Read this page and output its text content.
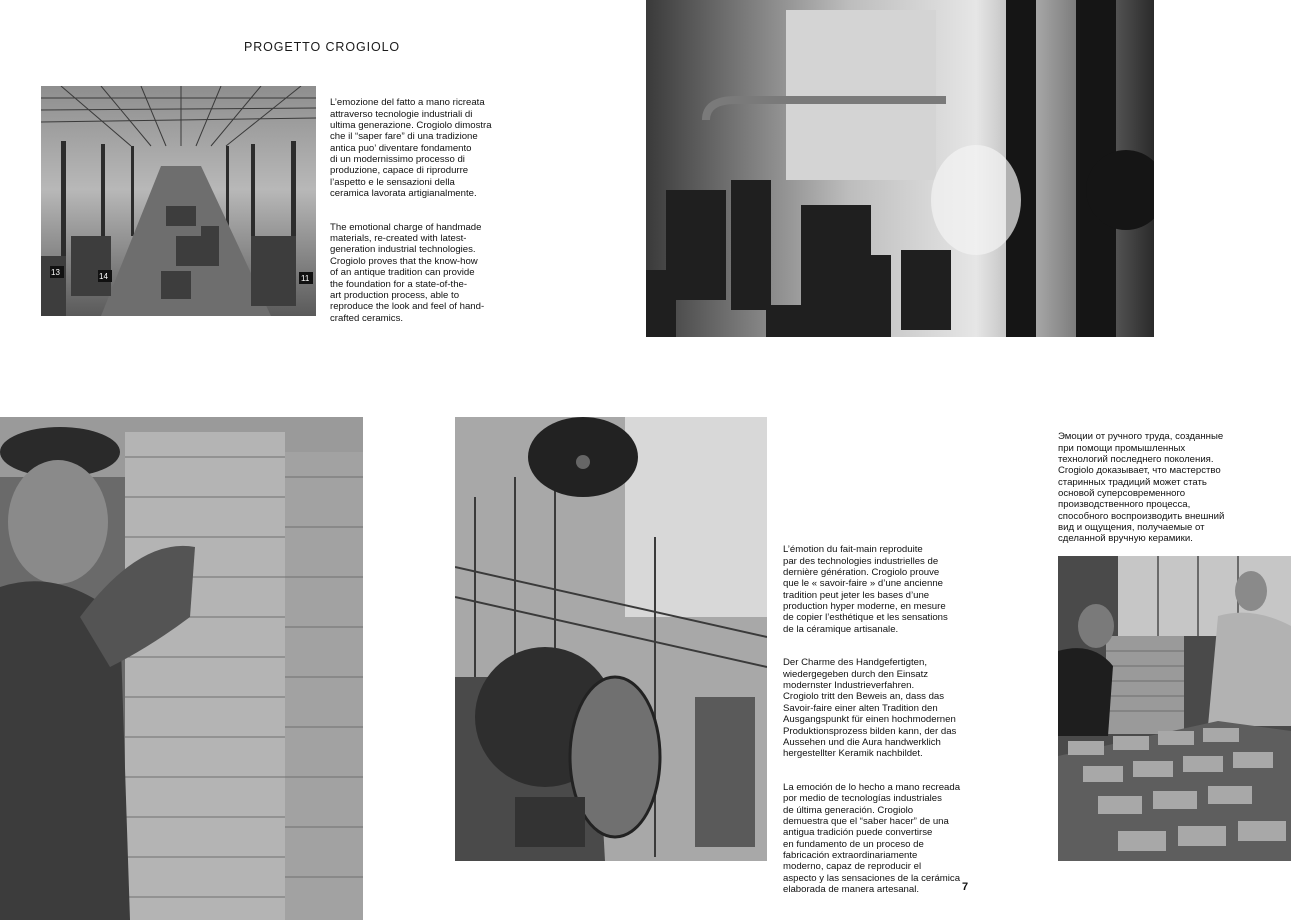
PROGETTO CROGIOLO
13	14	11

L’emozione del fatto a mano ricreata
attraverso tecnologie industriali di
ultima generazione. Crogiolo dimostra
che il “saper fare” di una tradizione
antica puo’ diventare fondamento
di un modernissimo processo di
produzione, capace di riprodurre
l’aspetto e le sensazioni della
ceramica lavorata artigianalmente.

The emotional charge of handmade
materials, re-created with latest-
generation industrial technologies.
Crogiolo proves that the know-how
of an antique tradition can provide
the foundation for a state-of-the-
art production process, able to
reproduce the look and feel of hand-
crafted ceramics.

L’émotion du fait-main reproduite
par des technologies industrielles de
dernière génération. Crogiolo prouve
que le « savoir-faire » d’une ancienne
tradition peut jeter les bases d’une
production hyper moderne, en mesure
de copier l’esthétique et les sensations
de la céramique artisanale.

Der Charme des Handgefertigten,
wiedergegeben durch den Einsatz
modernster Industrieverfahren.
Crogiolo tritt den Beweis an, dass das
Savoir-faire einer alten Tradition den
Ausgangspunkt für einen hochmodernen
Produktionsprozess bilden kann, der das
Aussehen und die Aura handwerklich
hergestellter Keramik nachbildet.

La emoción de lo hecho a mano recreada
por medio de tecnologías industriales
de última generación. Crogiolo
demuestra que el “saber hacer” de una
antigua tradición puede convertirse
en fundamento de un proceso de
fabricación extraordinariamente
moderno, capaz de reproducir el
aspecto y las sensaciones de la cerámica
elaborada de manera artesanal.

Эмоции от ручного труда, созданные
при помощи промышленных
технологий последнего поколения.
Crogiolo доказывает, что мастерство
старинных традиций может стать
основой суперсовременного
производственного процесса,
способного воспроизводить внешний
вид и ощущения, получаемые от
сделанной вручную керамики.

7
